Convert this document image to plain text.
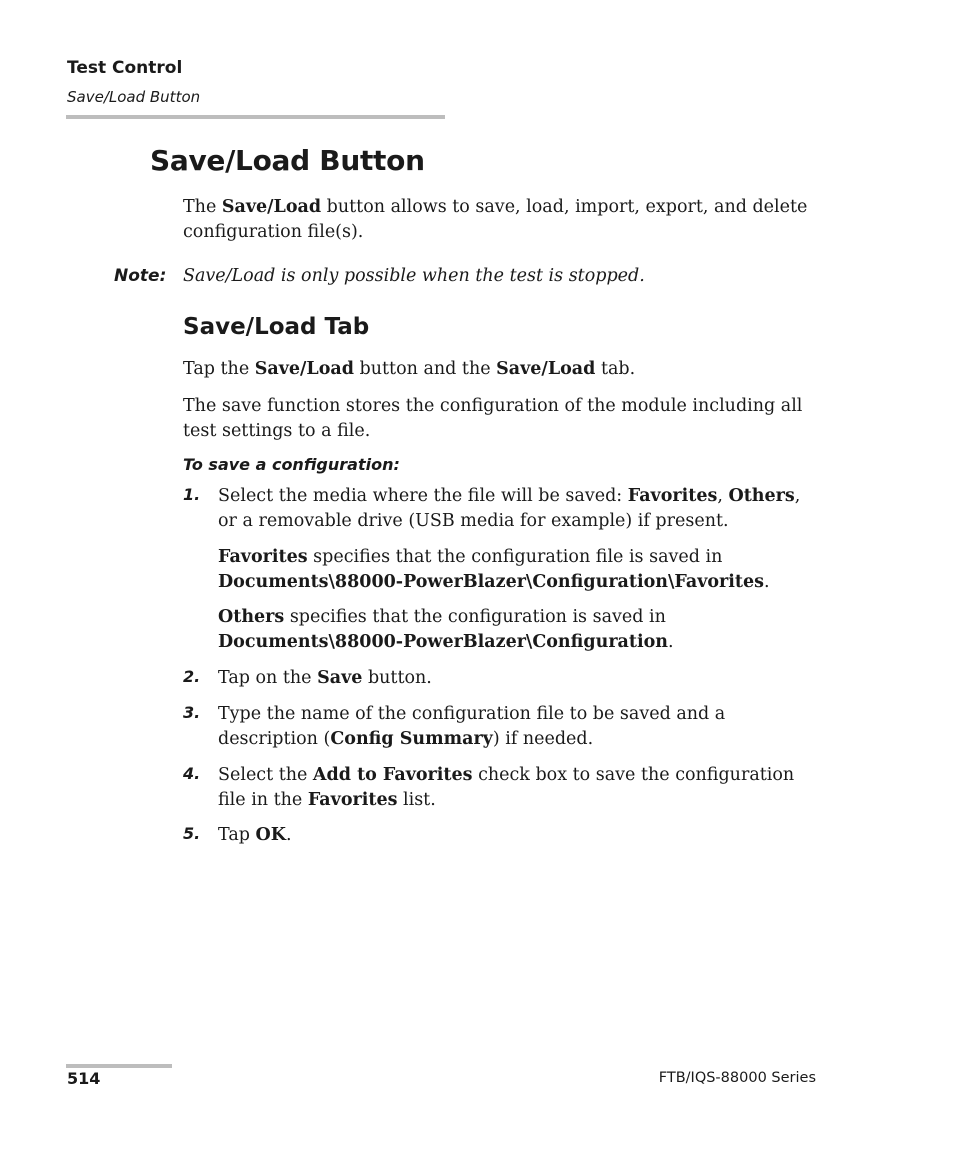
Test Control
Save/Load Button
Save/Load Button
The Save/Load button allows to save, load, import, export, and delete configuration file(s).
Note: Save/Load is only possible when the test is stopped.
Save/Load Tab
Tap the Save/Load button and the Save/Load tab.
The save function stores the configuration of the module including all test settings to a file.
To save a configuration:
1. Select the media where the file will be saved: Favorites, Others, or a removable drive (USB media for example) if present.
Favorites specifies that the configuration file is saved in Documents\88000-PowerBlazer\Configuration\Favorites.
Others specifies that the configuration is saved in Documents\88000-PowerBlazer\Configuration.
2. Tap on the Save button.
3. Type the name of the configuration file to be saved and a description (Config Summary) if needed.
4. Select the Add to Favorites check box to save the configuration file in the Favorites list.
5. Tap OK.
514	FTB/IQS-88000 Series
